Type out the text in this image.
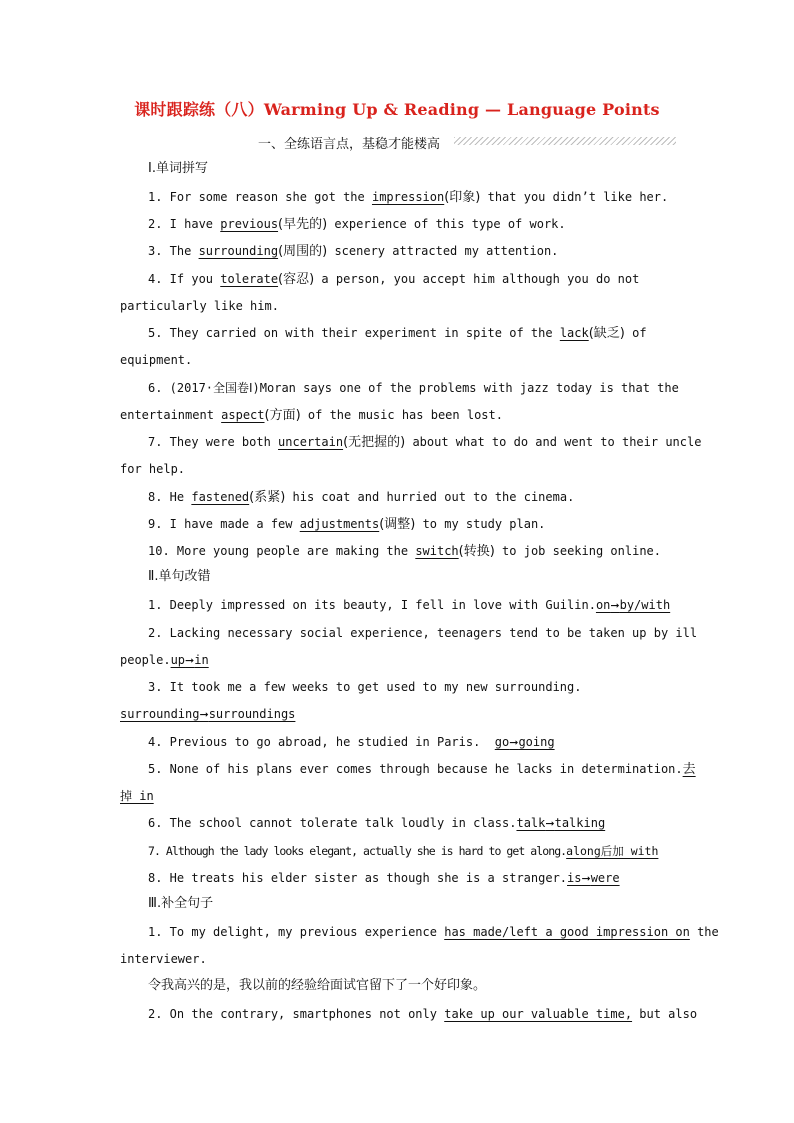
课时跟踪练（八）Warming Up & Reading — Language Points
一、全练语言点，基稳才能楼高
Ⅰ.单词拼写
1. For some reason she got the impression(印象) that you didn’t like her.
2. I have previous(早先的) experience of this type of work.
3. The surrounding(周围的) scenery attracted my attention.
4. If you tolerate(容忍) a person, you accept him although you do not
particularly like him.
5. They carried on with their experiment in spite of the lack(缺乏) of
equipment.
6. (2017·全国卷Ⅰ)Moran says one of the problems with jazz today is that the
entertainment aspect(方面) of the music has been lost.
7. They were both uncertain(无把握的) about what to do and went to their uncle
for help.
8. He fastened(系紧) his coat and hurried out to the cinema.
9. I have made a few adjustments(调整) to my study plan.
10. More young people are making the switch(转换) to job seeking online.
Ⅱ.单句改错
1. Deeply impressed on its beauty, I fell in love with Guilin.on➞by/with
2. Lacking necessary social experience, teenagers tend to be taken up by ill
people.up➞in
3. It took me a few weeks to get used to my new surrounding.
surrounding➞surroundings
4. Previous to go abroad, he studied in Paris.  go➞going
5. None of his plans ever comes through because he lacks in determination.去
掉 in
6. The school cannot tolerate talk loudly in class.talk➞talking
7. Although the lady looks elegant, actually she is hard to get along.along后加 with
8. He treats his elder sister as though she is a stranger.is➞were
Ⅲ.补全句子
1. To my delight, my previous experience has made/left a good impression on the
interviewer.
令我高兴的是，我以前的经验给面试官留下了一个好印象。
2. On the contrary, smartphones not only take up our valuable time, but also
